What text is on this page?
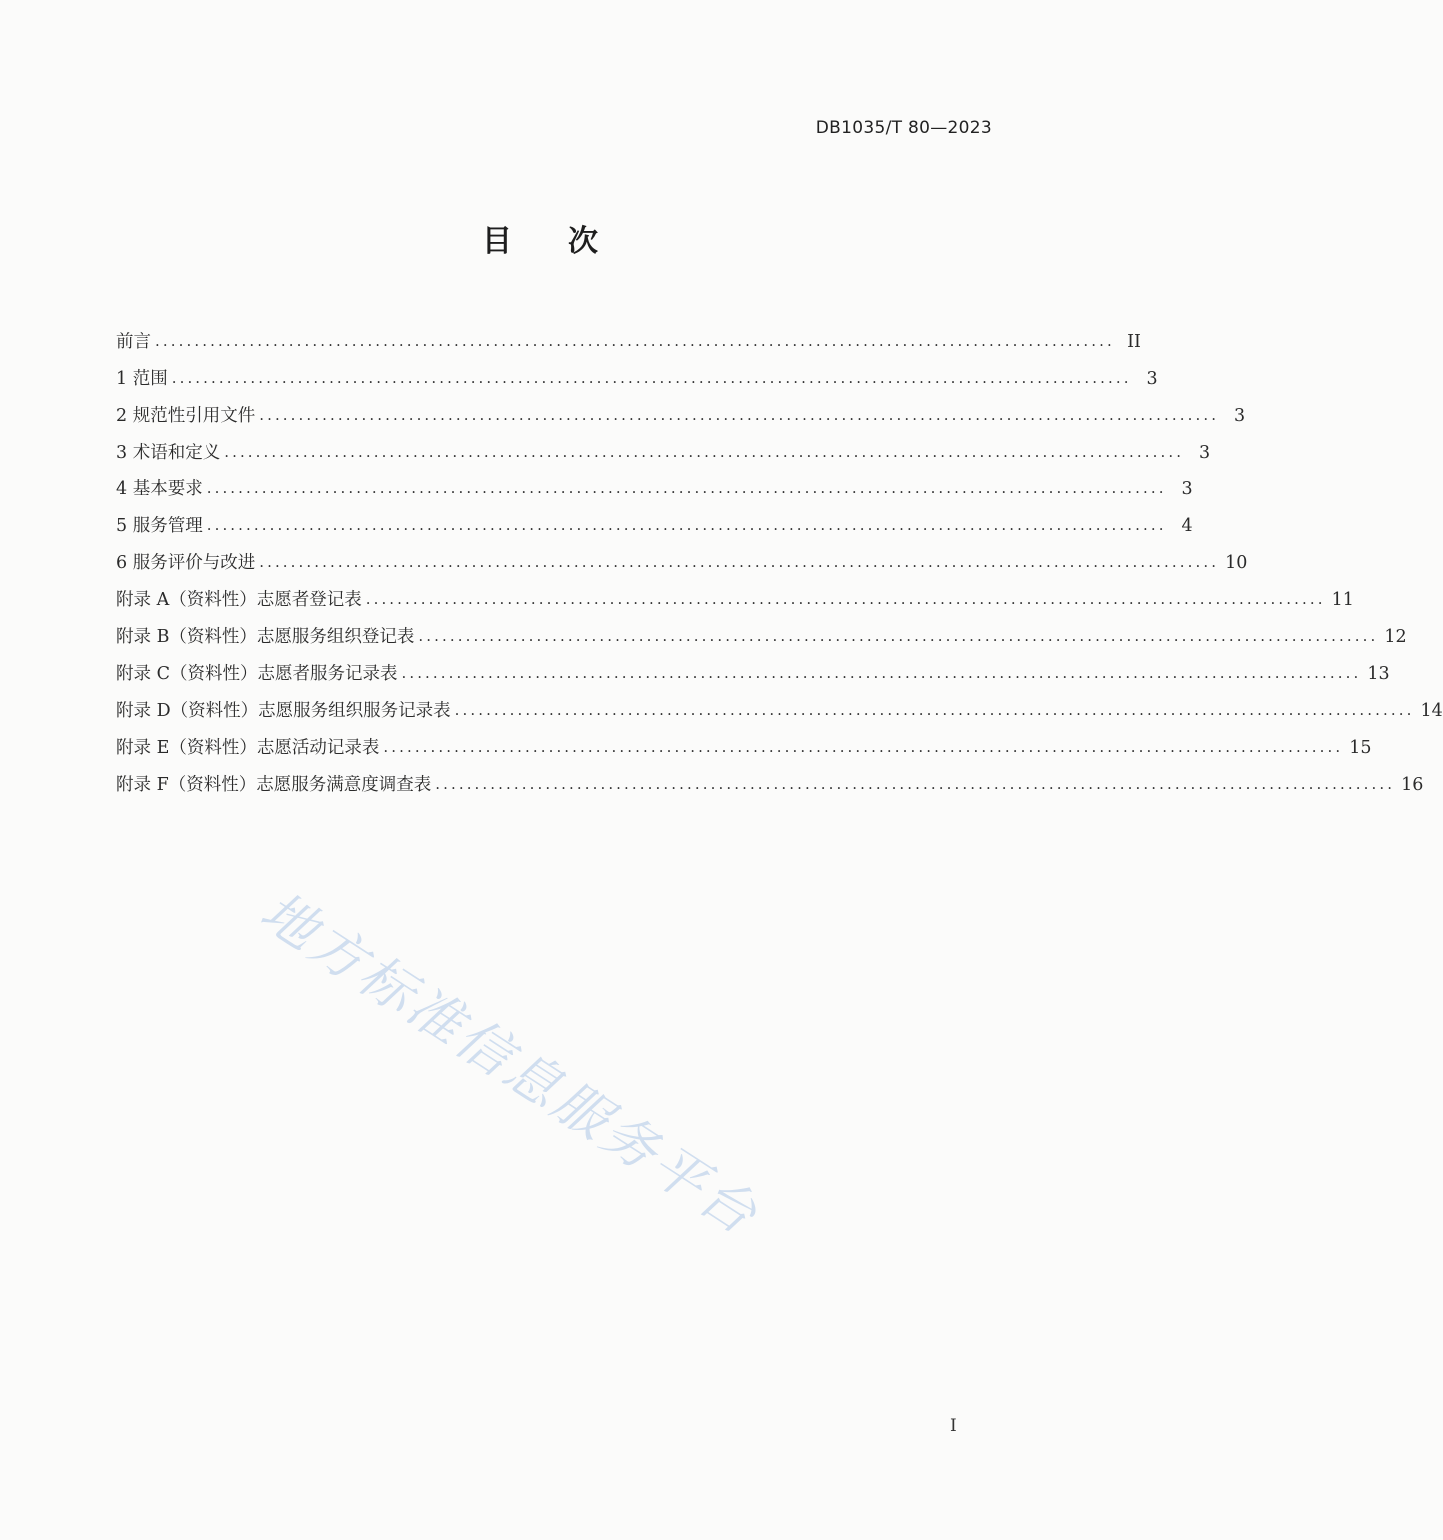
DB1035/T 80—2023
目次
前言 .......................................................................................................................... II
1 范围 .......................................................................................................................... 3
2 规范性引用文件 .......................................................................................................................... 3
3 术语和定义 .......................................................................................................................... 3
4 基本要求 .......................................................................................................................... 3
5 服务管理 .......................................................................................................................... 4
6 服务评价与改进 .......................................................................................................................... 10
附录 A（资料性）志愿者登记表 .......................................................................................................................... 11
附录 B（资料性）志愿服务组织登记表 .......................................................................................................................... 12
附录 C（资料性）志愿者服务记录表 .......................................................................................................................... 13
附录 D（资料性）志愿服务组织服务记录表 .......................................................................................................................... 14
附录 E（资料性）志愿活动记录表 .......................................................................................................................... 15
附录 F（资料性）志愿服务满意度调查表 .......................................................................................................................... 16
地方标准信息服务平台
I
